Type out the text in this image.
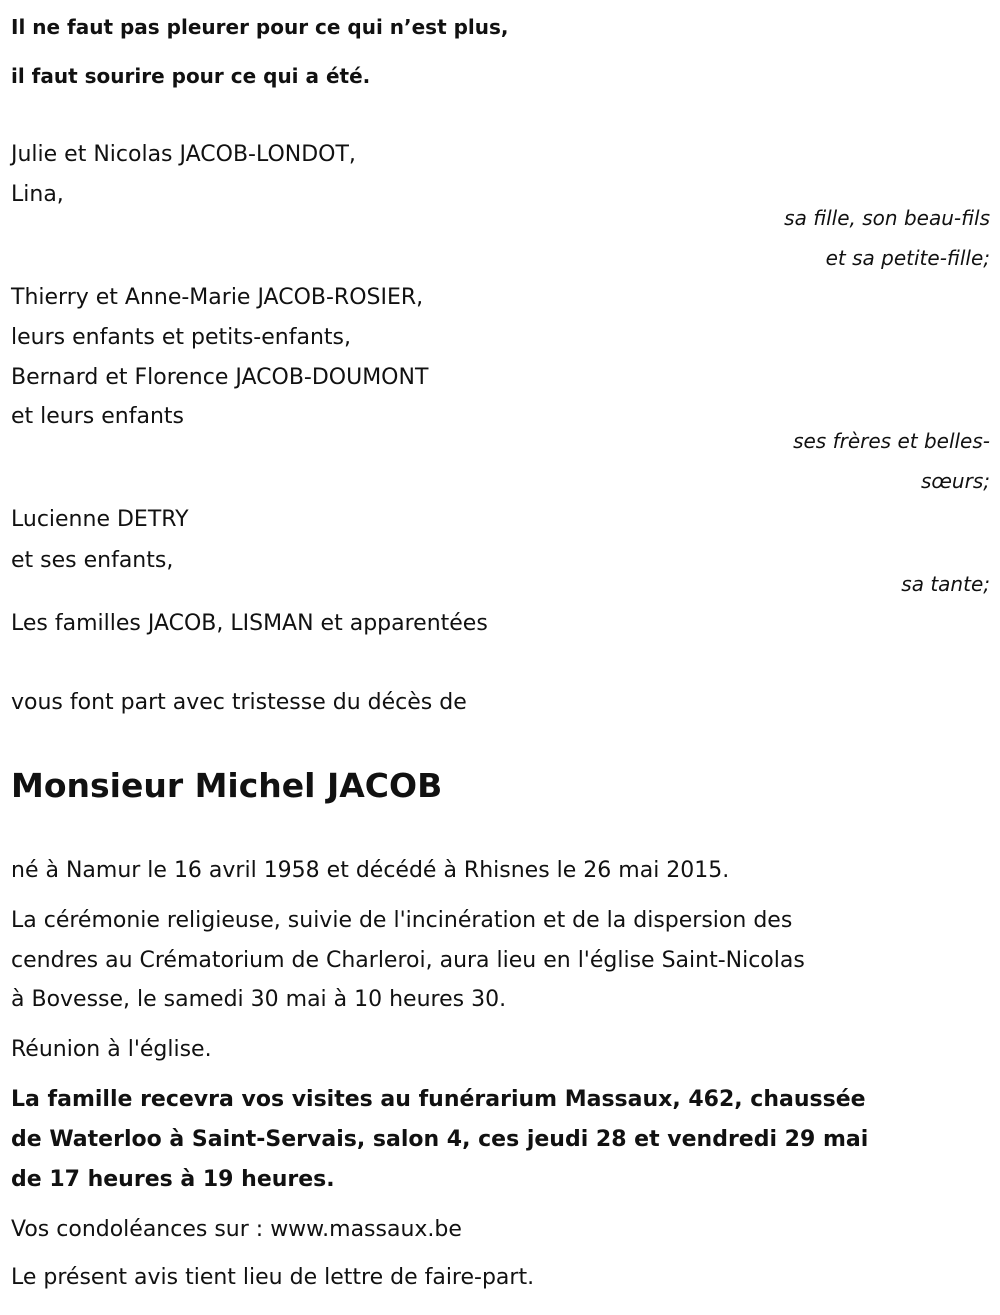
Il ne faut pas pleurer pour ce qui n’est plus,
il faut sourire pour ce qui a été.
Julie et Nicolas JACOB-LONDOT,
Lina,
sa fille, son beau-fils
et sa petite-fille;
Thierry et Anne-Marie JACOB-ROSIER,
leurs enfants et petits-enfants,
Bernard et Florence JACOB-DOUMONT
et leurs enfants
ses frères et belles-
sœurs;
Lucienne DETRY
et ses enfants,
sa tante;
Les familles JACOB, LISMAN et apparentées
vous font part avec tristesse du décès de
Monsieur Michel JACOB
né à Namur le 16 avril 1958 et décédé à Rhisnes le 26 mai 2015.
La cérémonie religieuse, suivie de l'incinération et de la dispersion des
cendres au Crématorium de Charleroi, aura lieu en l'église Saint-Nicolas
à Bovesse, le samedi 30 mai à 10 heures 30.
Réunion à l'église.
La famille recevra vos visites au funérarium Massaux, 462, chaussée
de Waterloo à Saint-Servais, salon 4, ces jeudi 28 et vendredi 29 mai
de 17 heures à 19 heures.
Vos condoléances sur : www.massaux.be
Le présent avis tient lieu de lettre de faire-part.
